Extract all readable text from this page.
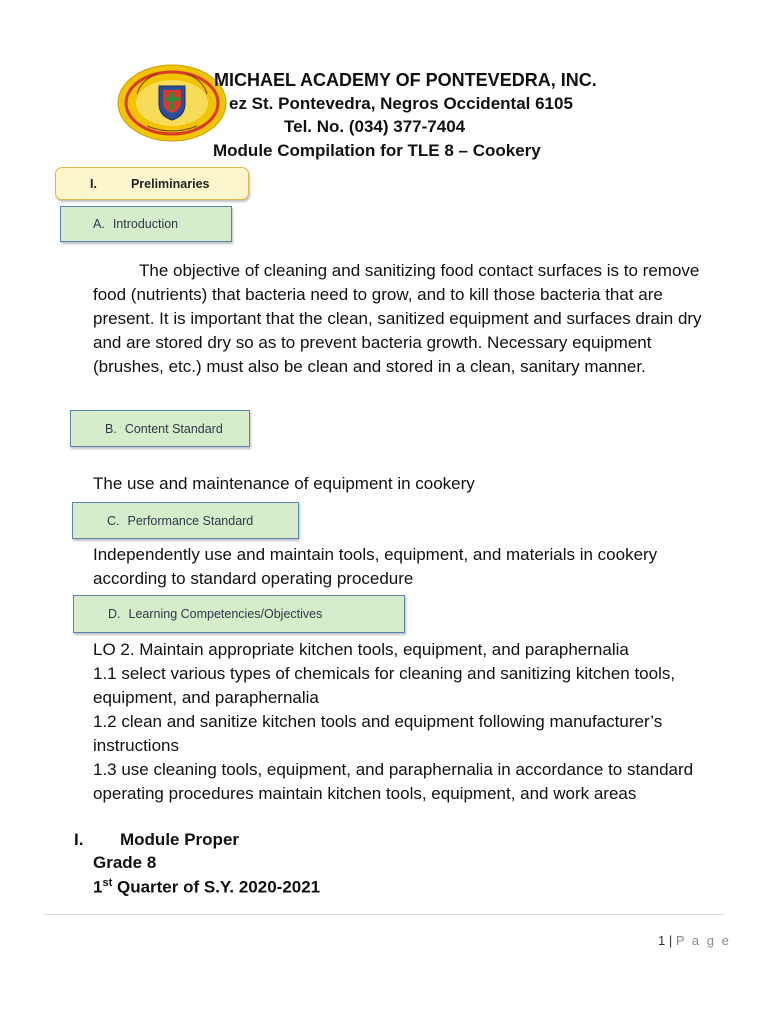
MICHAEL ACADEMY OF PONTEVEDRA, INC.
ez St. Pontevedra, Negros Occidental 6105
Tel. No. (034) 377-7404
Module Compilation for TLE 8 – Cookery
I.	Preliminaries
A. Introduction
The objective of cleaning and sanitizing food contact surfaces is to remove food (nutrients) that bacteria need to grow, and to kill those bacteria that are present. It is important that the clean, sanitized equipment and surfaces drain dry and are stored dry so as to prevent bacteria growth. Necessary equipment (brushes, etc.) must also be clean and stored in a clean, sanitary manner.
B. Content Standard
The use and maintenance of equipment in cookery
C. Performance Standard
Independently use and maintain tools, equipment, and materials in cookery according to standard operating procedure
D. Learning Competencies/Objectives
LO 2. Maintain appropriate kitchen tools, equipment, and paraphernalia
1.1 select various types of chemicals for cleaning and sanitizing kitchen tools, equipment, and paraphernalia
1.2 clean and sanitize kitchen tools and equipment following manufacturer’s instructions
1.3 use cleaning tools, equipment, and paraphernalia in accordance to standard operating procedures maintain kitchen tools, equipment, and work areas
I. Module Proper
Grade 8
1st Quarter of S.Y. 2020-2021
1 | P a g e
